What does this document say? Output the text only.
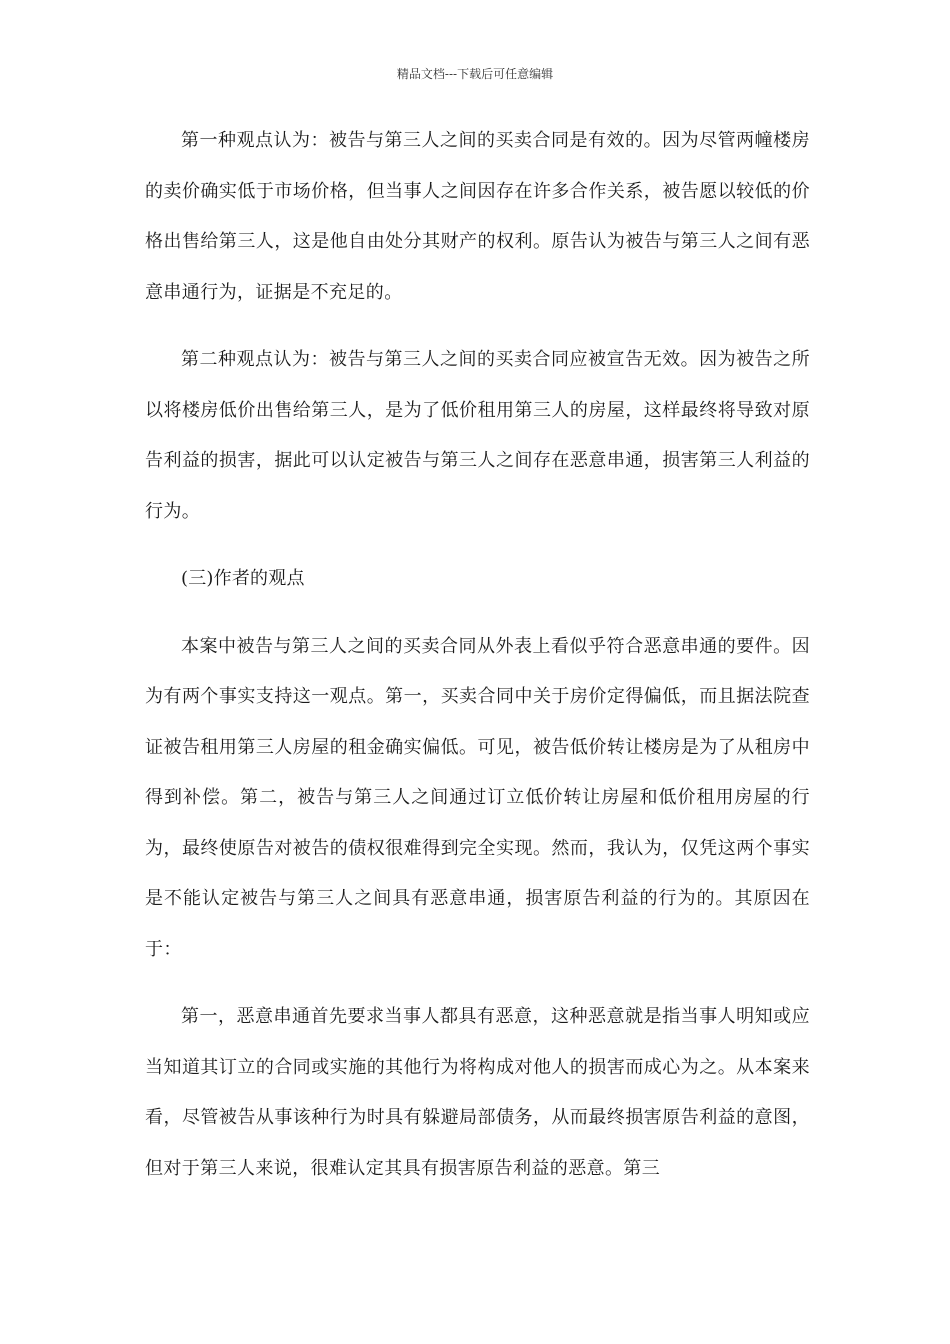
精品文档---下载后可任意编辑

第一种观点认为：被告与第三人之间的买卖合同是有效的。因为尽管两幢楼房的卖价确实低于市场价格，但当事人之间因存在许多合作关系，被告愿以较低的价格出售给第三人，这是他自由处分其财产的权利。原告认为被告与第三人之间有恶意串通行为，证据是不充足的。

第二种观点认为：被告与第三人之间的买卖合同应被宣告无效。因为被告之所以将楼房低价出售给第三人，是为了低价租用第三人的房屋，这样最终将导致对原告利益的损害，据此可以认定被告与第三人之间存在恶意串通，损害第三人利益的行为。

(三)作者的观点

本案中被告与第三人之间的买卖合同从外表上看似乎符合恶意串通的要件。因为有两个事实支持这一观点。第一，买卖合同中关于房价定得偏低，而且据法院查证被告租用第三人房屋的租金确实偏低。可见，被告低价转让楼房是为了从租房中得到补偿。第二，被告与第三人之间通过订立低价转让房屋和低价租用房屋的行为，最终使原告对被告的债权很难得到完全实现。然而，我认为，仅凭这两个事实是不能认定被告与第三人之间具有恶意串通，损害原告利益的行为的。其原因在于：

第一，恶意串通首先要求当事人都具有恶意，这种恶意就是指当事人明知或应当知道其订立的合同或实施的其他行为将构成对他人的损害而成心为之。从本案来看，尽管被告从事该种行为时具有躲避局部债务，从而最终损害原告利益的意图，但对于第三人来说，很难认定其具有损害原告利益的恶意。第三
